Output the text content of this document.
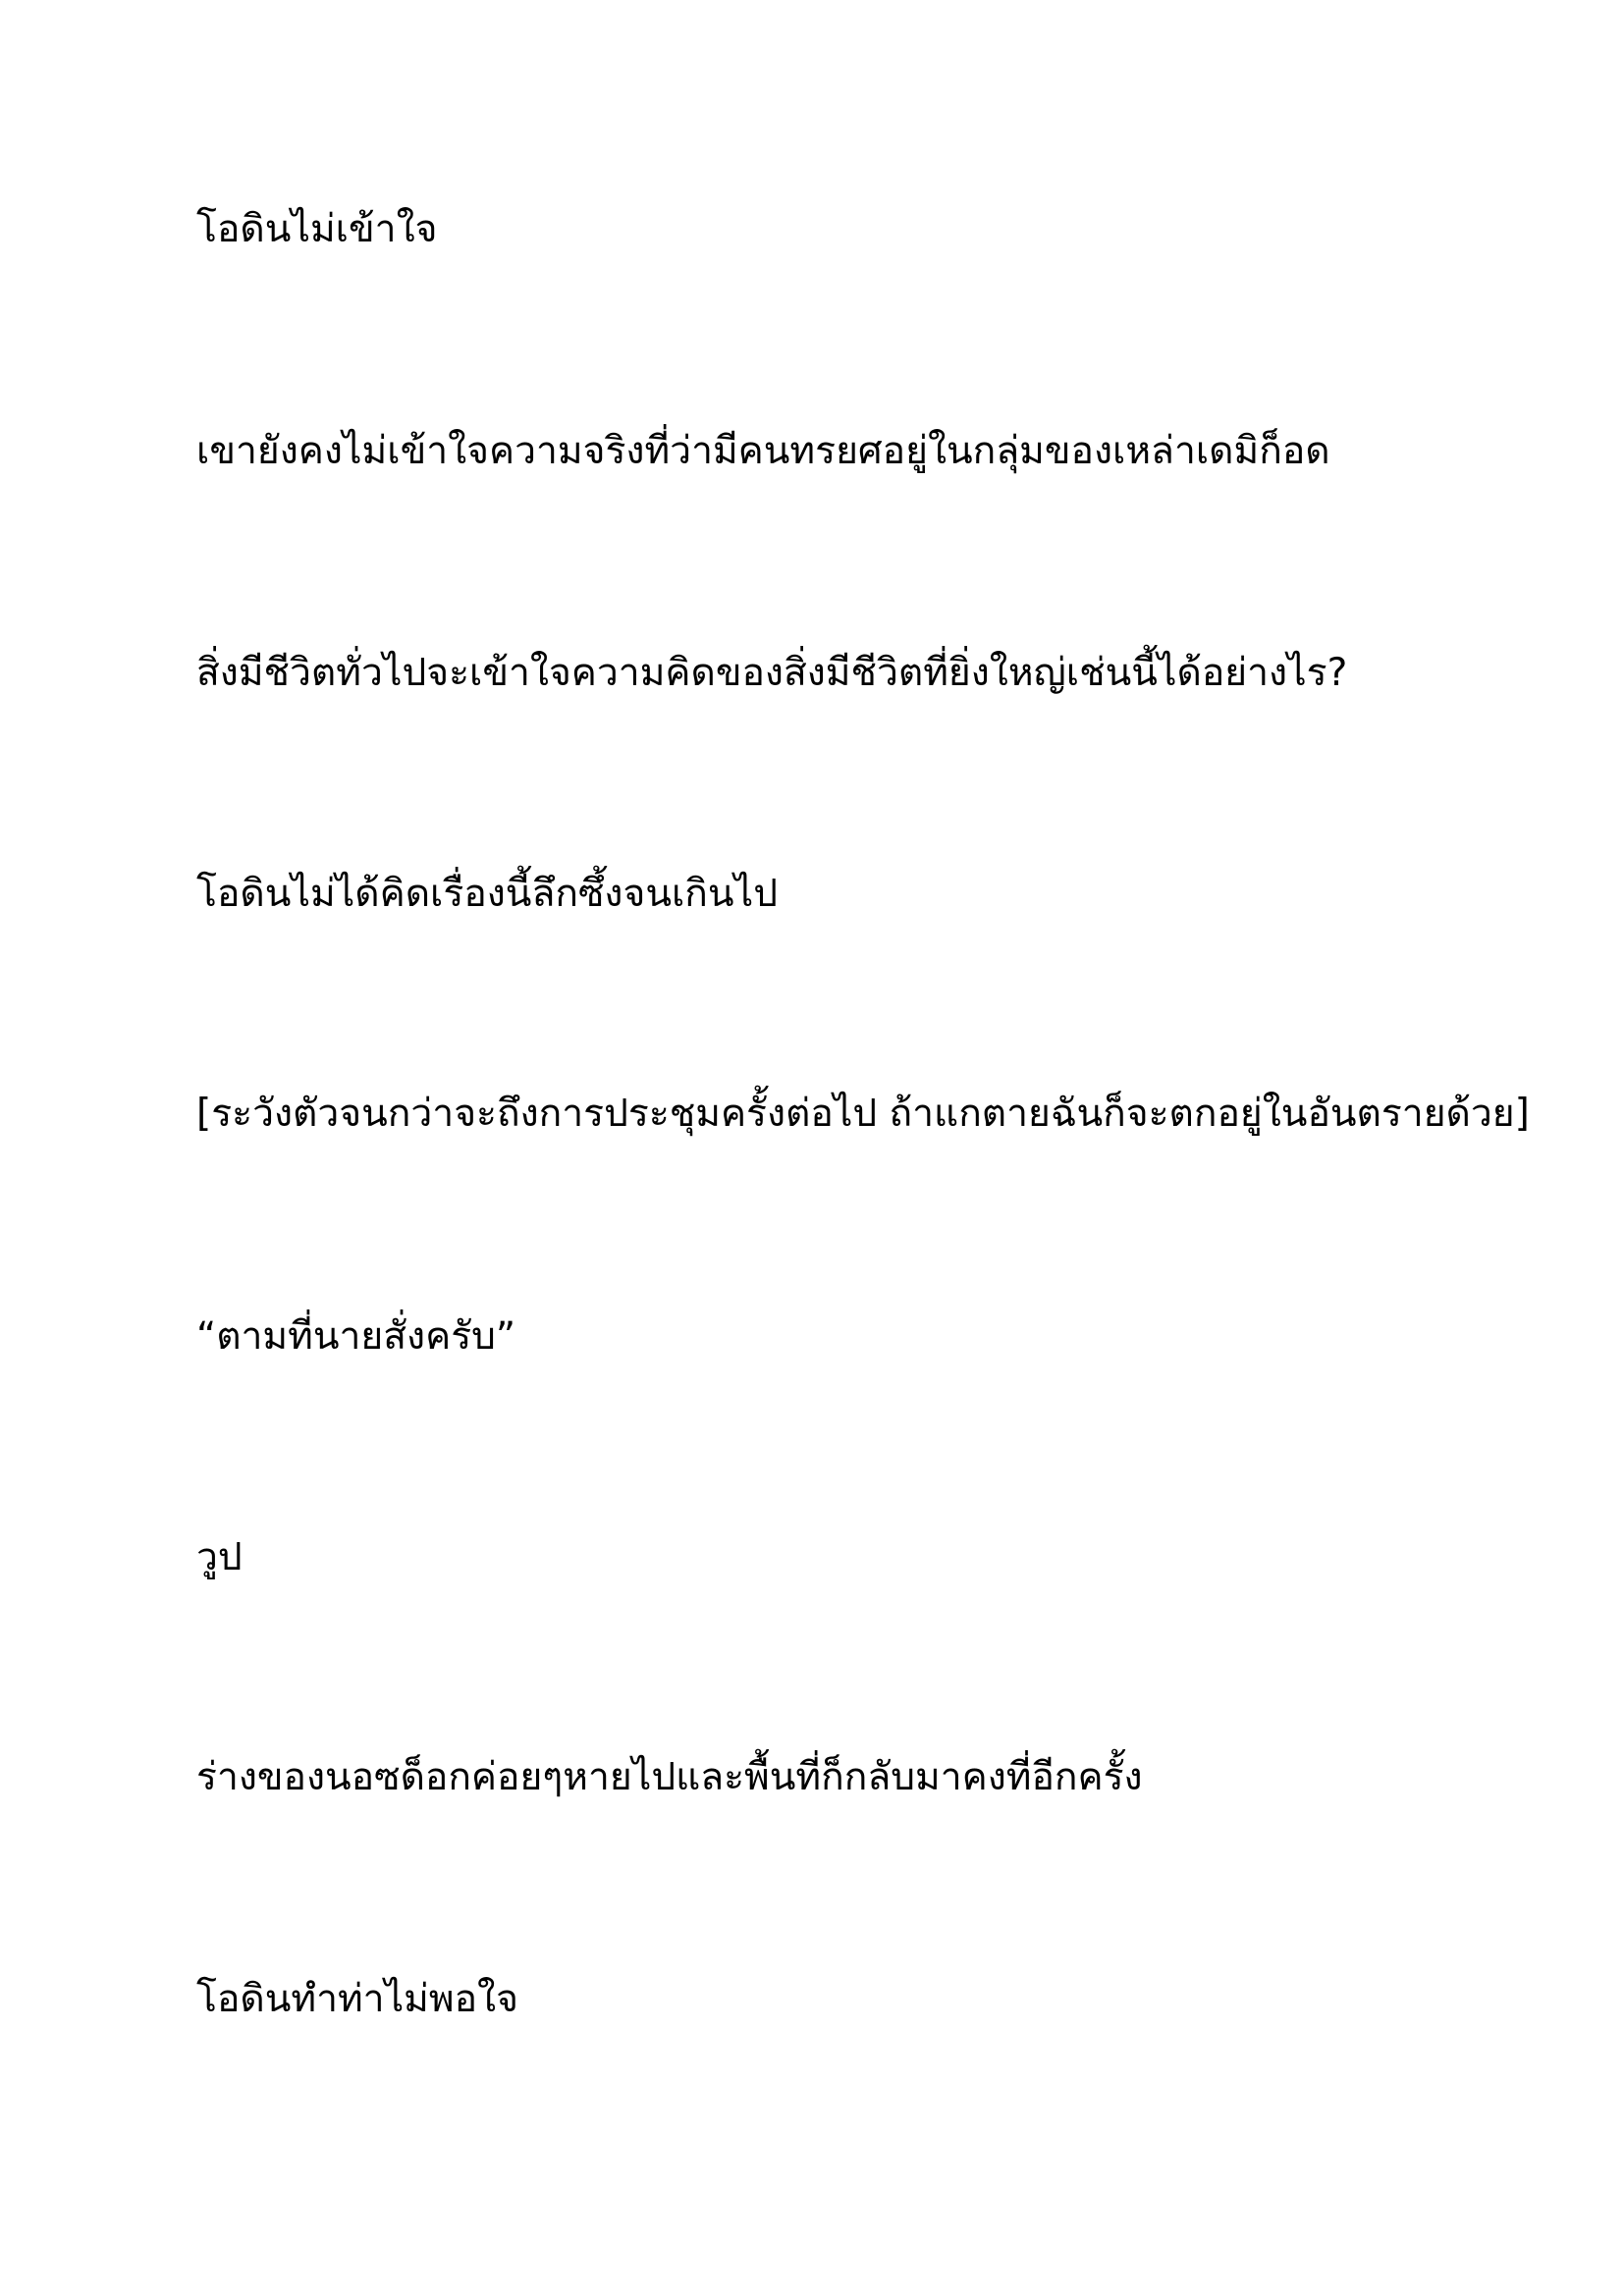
โอดินไม่เข้าใจ

เขายังคงไม่เข้าใจความจริงที่ว่ามีคนทรยศอยู่ในกลุ่มของเหล่าเดมิก็อด

สิ่งมีชีวิตทั่วไปจะเข้าใจความคิดของสิ่งมีชีวิตที่ยิ่งใหญ่เช่นนี้ได้อย่างไร?

โอดินไม่ได้คิดเรื่องนี้ลึกซึ้งจนเกินไป

[ระวังตัวจนกว่าจะถึงการประชุมครั้งต่อไป ถ้าแกตายฉันก็จะตกอยู่ในอันตรายด้วย]

“ตามที่นายสั่งครับ”

วูป

ร่างของนอซด็อกค่อยๆหายไปและพื้นที่ก็กลับมาคงที่อีกครั้ง

โอดินทำท่าไม่พอใจ
